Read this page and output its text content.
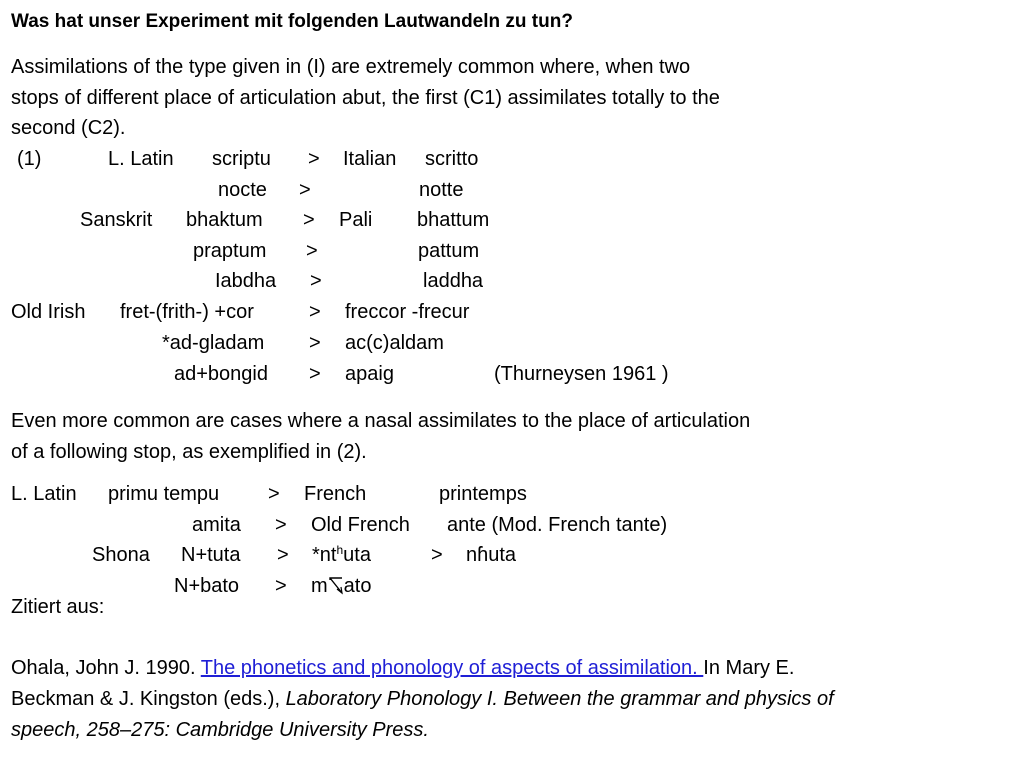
Was hat unser Experiment mit folgenden Lautwandeln zu tun?
Assimilations of the type given in (I) are extremely common where, when two
stops of different place of articulation abut, the first (C1) assimilates totally to the
second (C2).
(1)	L. Latin scriptu > Italian scritto
nocte >	notte
Sanskrit bhaktum > Pali bhattum
praptum >	pattum
Iabdha >	laddha
Old Irish fret-(frith-) +cor	> freccor -frecur
*ad-gladam > ac(c)aldam
ad+bongid > apaig	(Thurneysen 1961 )
Even more common are cases where a nasal assimilates to the place of articulation
of a following stop, as exemplified in (2).
L. Latin primu tempu > French	printemps
amita > Old French ante (Mod. French tante)
Shona N+tuta > $*nt^huta$	> nɦuta
N+bato > m ato
Zitiert aus:
Ohala, John J. 1990. The phonetics and phonology of aspects of assimilation. In Mary E.
Beckman & J. Kingston (eds.), Laboratory Phonology I. Between the grammar and physics of
speech, 258–275: Cambridge University Press.
